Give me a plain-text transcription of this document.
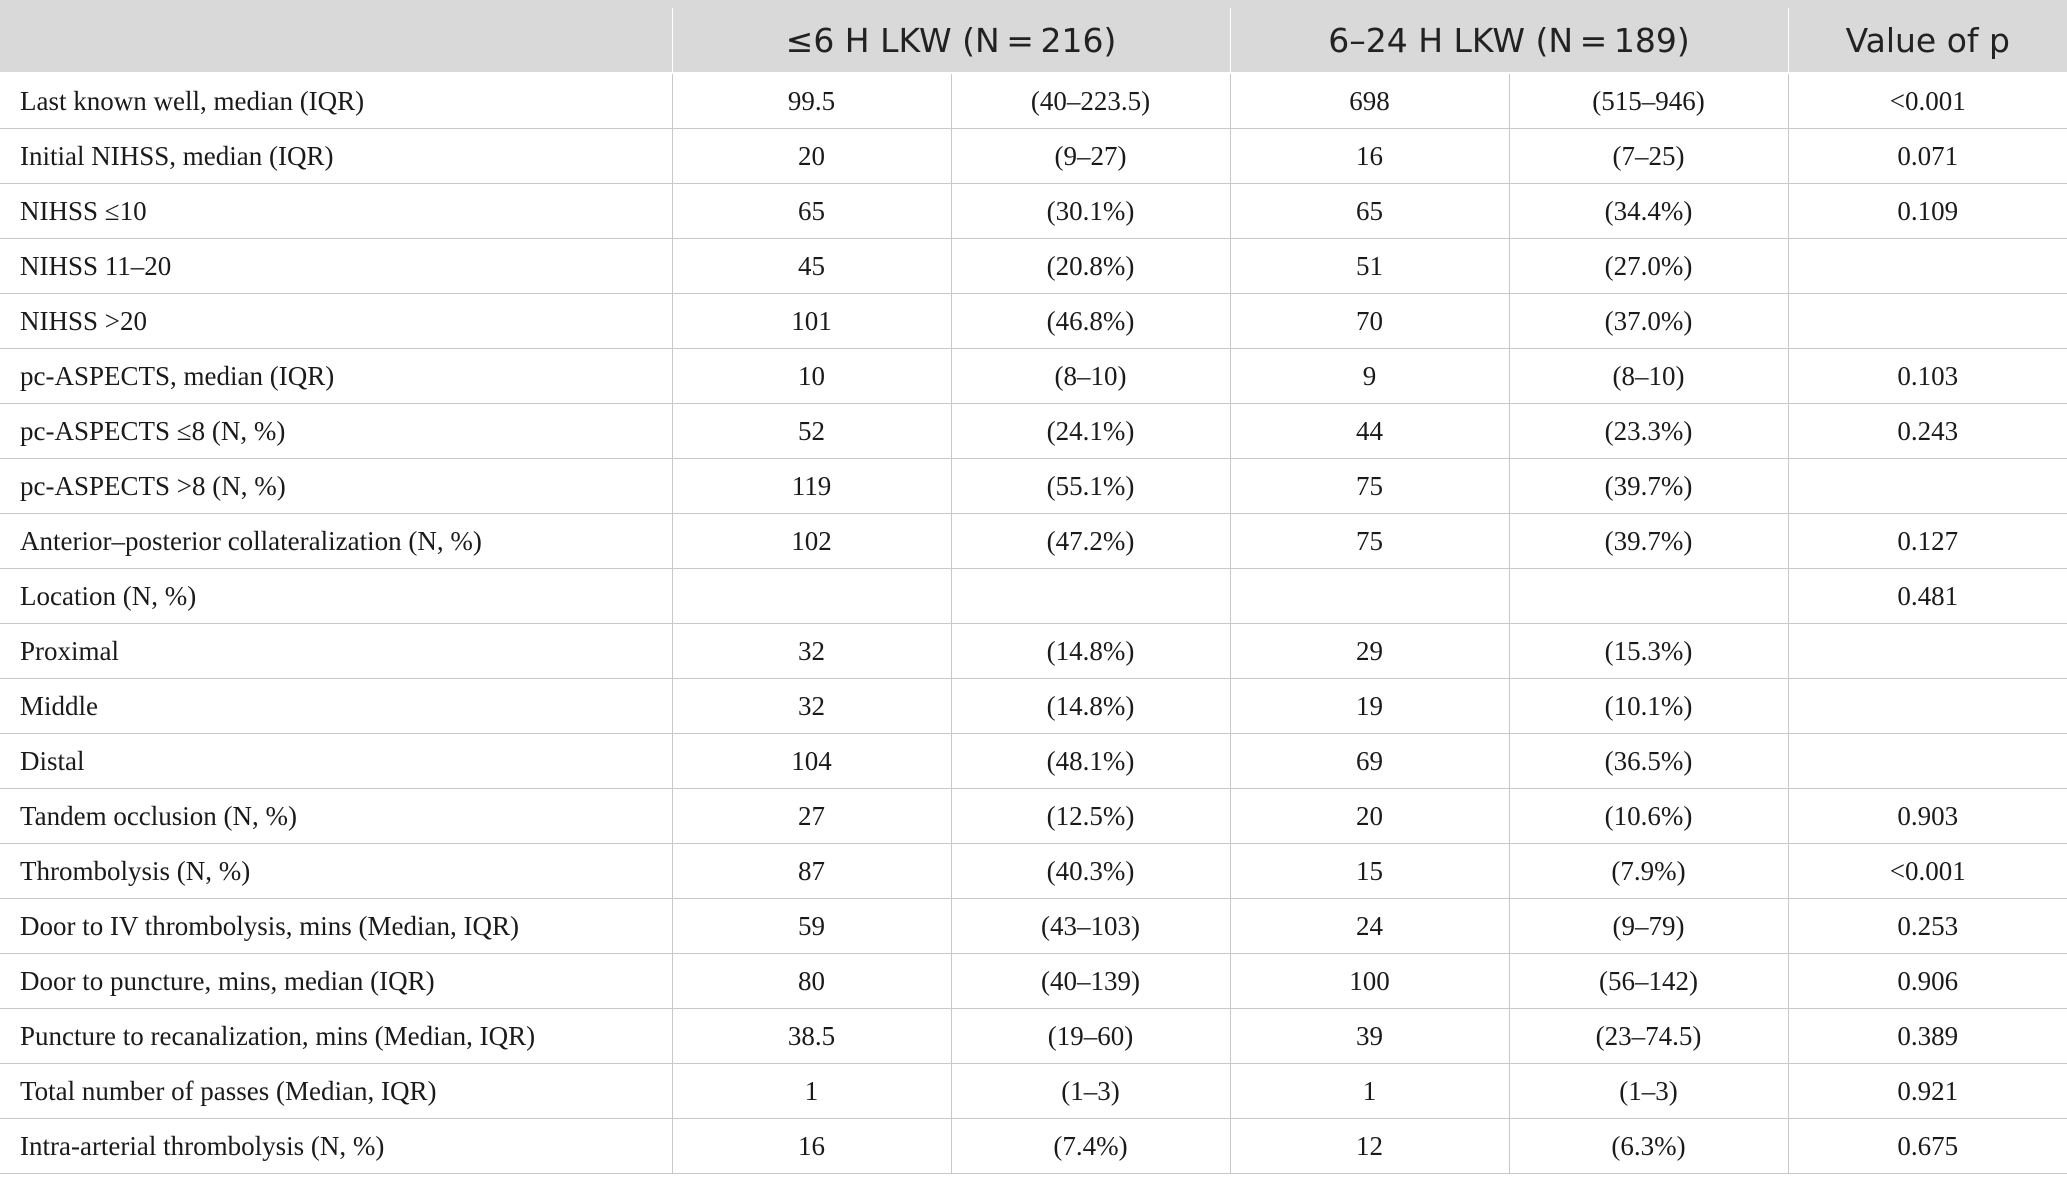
	≤6 H LKW (N = 216)		6–24 H LKW (N = 189)		Value of p
Last known well, median (IQR)	99.5	(40–223.5)	698	(515–946)	<0.001
Initial NIHSS, median (IQR)	20	(9–27)	16	(7–25)	0.071
NIHSS ≤10	65	(30.1%)	65	(34.4%)	0.109
NIHSS 11–20	45	(20.8%)	51	(27.0%)	
NIHSS >20	101	(46.8%)	70	(37.0%)	
pc-ASPECTS, median (IQR)	10	(8–10)	9	(8–10)	0.103
pc-ASPECTS ≤8 (N, %)	52	(24.1%)	44	(23.3%)	0.243
pc-ASPECTS >8 (N, %)	119	(55.1%)	75	(39.7%)	
Anterior–posterior collateralization (N, %)	102	(47.2%)	75	(39.7%)	0.127
Location (N, %)					0.481
Proximal	32	(14.8%)	29	(15.3%)	
Middle	32	(14.8%)	19	(10.1%)	
Distal	104	(48.1%)	69	(36.5%)	
Tandem occlusion (N, %)	27	(12.5%)	20	(10.6%)	0.903
Thrombolysis (N, %)	87	(40.3%)	15	(7.9%)	<0.001
Door to IV thrombolysis, mins (Median, IQR)	59	(43–103)	24	(9–79)	0.253
Door to puncture, mins, median (IQR)	80	(40–139)	100	(56–142)	0.906
Puncture to recanalization, mins (Median, IQR)	38.5	(19–60)	39	(23–74.5)	0.389
Total number of passes (Median, IQR)	1	(1–3)	1	(1–3)	0.921
Intra-arterial thrombolysis (N, %)	16	(7.4%)	12	(6.3%)	0.675
